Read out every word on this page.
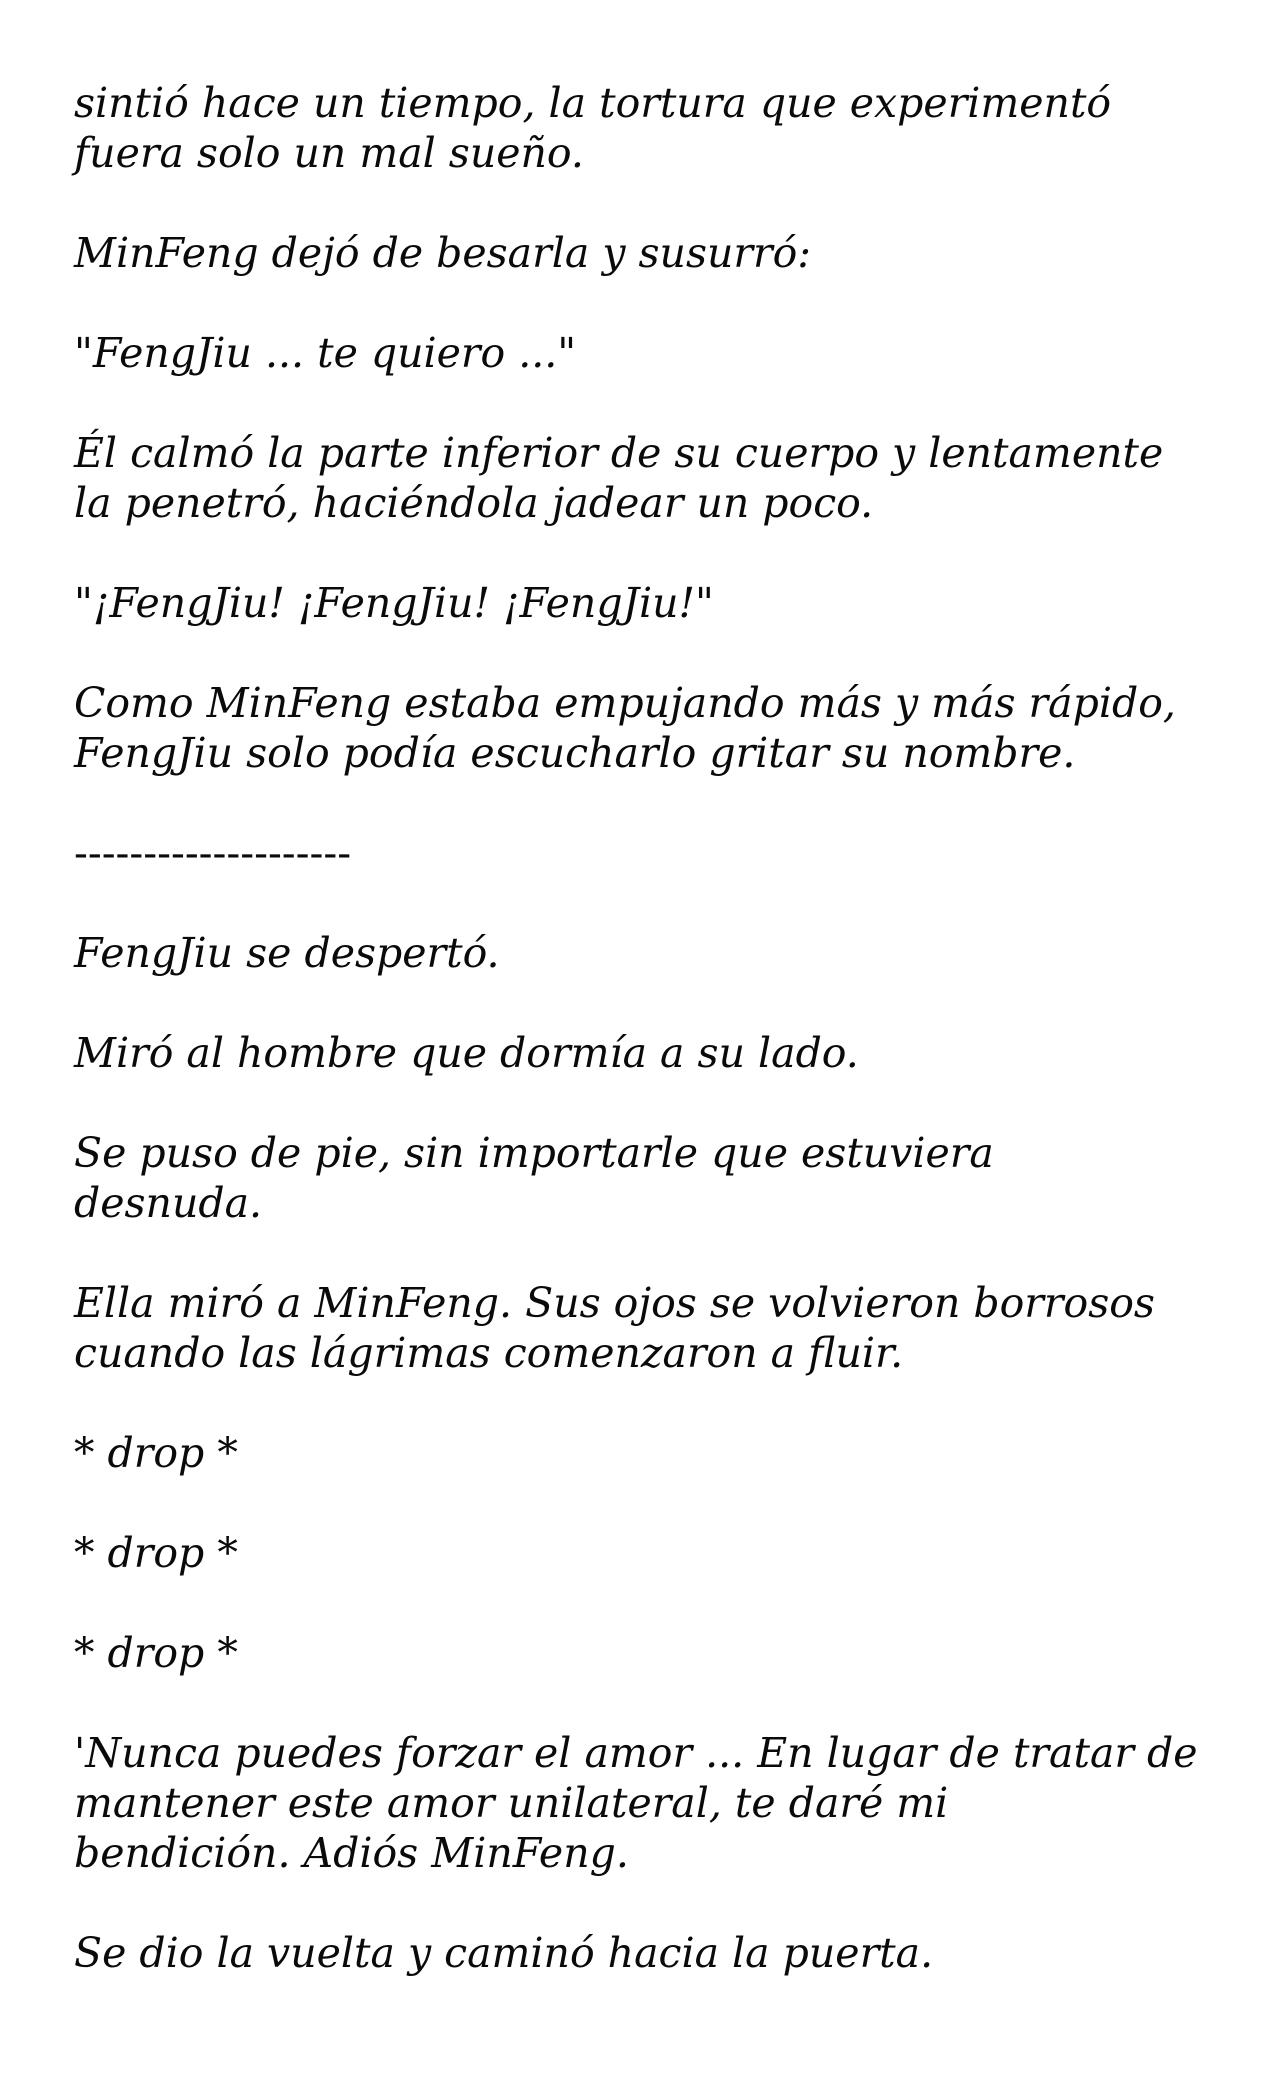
sintió hace un tiempo, la tortura que experimentó
fuera solo un mal sueño.

MinFeng dejó de besarla y susurró:

"FengJiu ... te quiero ..."

Él calmó la parte inferior de su cuerpo y lentamente
la penetró, haciéndola jadear un poco.

"¡FengJiu! ¡FengJiu! ¡FengJiu!"

Como MinFeng estaba empujando más y más rápido,
FengJiu solo podía escucharlo gritar su nombre.

--------------------

FengJiu se despertó.

Miró al hombre que dormía a su lado.

Se puso de pie, sin importarle que estuviera
desnuda.

Ella miró a MinFeng. Sus ojos se volvieron borrosos
cuando las lágrimas comenzaron a fluir.

* drop *

* drop *

* drop *

'Nunca puedes forzar el amor ... En lugar de tratar de
mantener este amor unilateral, te daré mi
bendición. Adiós MinFeng.

Se dio la vuelta y caminó hacia la puerta.
